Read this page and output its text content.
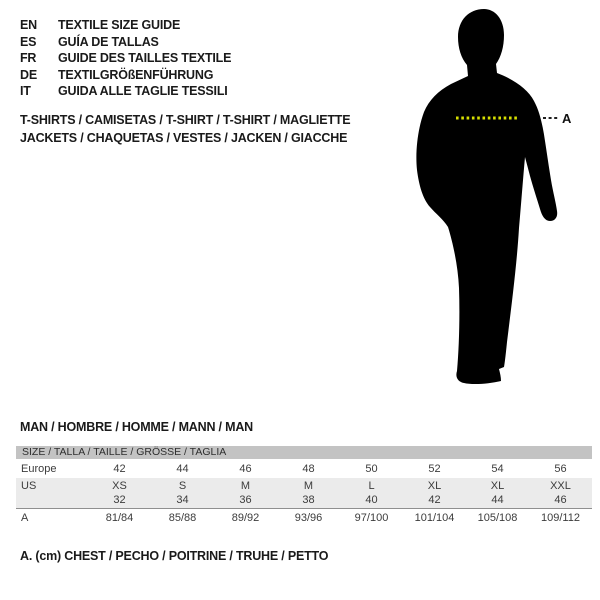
A
EN	TEXTILE SIZE GUIDE
ES	GUÍA DE TALLAS
FR	GUIDE DES TAILLES TEXTILE
DE	TEXTILGRÖßENFÜHRUNG
IT	GUIDA ALLE TAGLIE TESSILI
T-SHIRTS / CAMISETAS / T-SHIRT / T-SHIRT / MAGLIETTE
JACKETS / CHAQUETAS / VESTES / JACKEN / GIACCHE
MAN / HOMBRE / HOMME / MANN / MAN
SIZE / TALLA / TAILLE / GRÖSSE / TAGLIA
Europe	42	44	46	48	50	52	54	56
US	XS	S	M	M	L	XL	XL	XXL
	32	34	36	38	40	42	44	46
A	81/84	85/88	89/92	93/96	97/100	101/104	105/108	109/112
A. (cm) CHEST / PECHO / POITRINE / TRUHE / PETTO
